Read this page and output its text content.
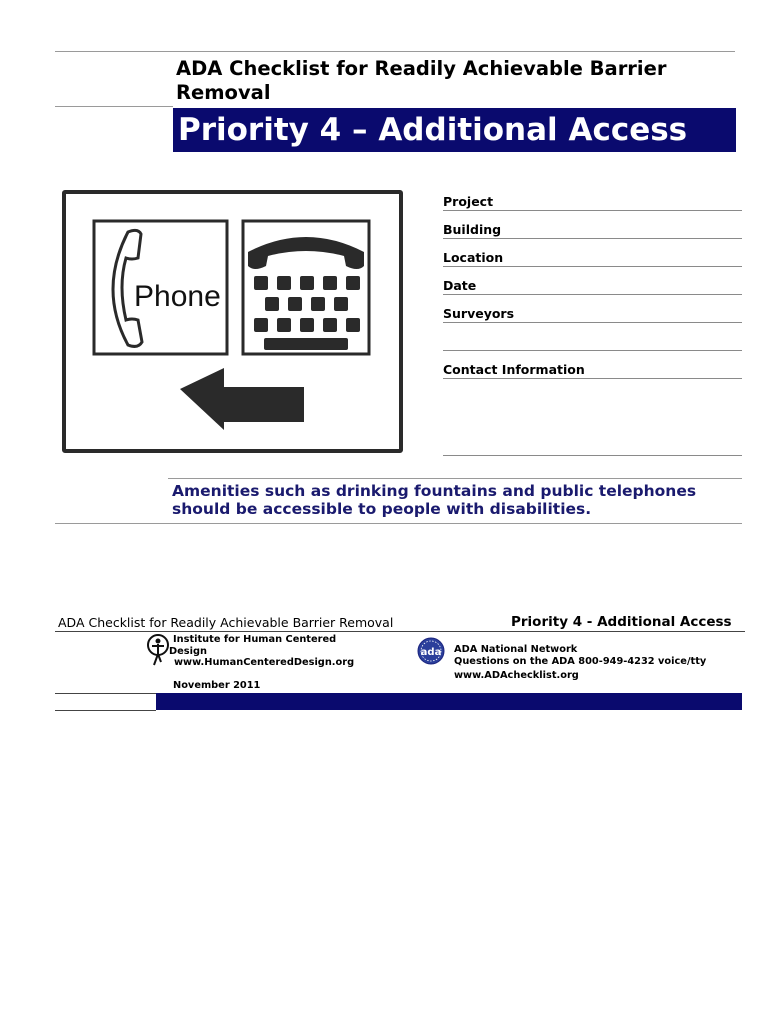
ADA Checklist for Readily Achievable Barrier Removal
Priority 4 – Additional Access
Phone
Project
Building
Location
Date
Surveyors
Contact Information
Amenities such as drinking fountains and public telephones should be accessible to people with disabilities.
ADA Checklist for Readily Achievable Barrier Removal	Priority 4 - Additional Access
Institute for Human Centered
Design
www.HumanCenteredDesign.org
November 2011
ada ADA National Network
Questions on the ADA 800-949-4232 voice/tty
www.ADAchecklist.org
